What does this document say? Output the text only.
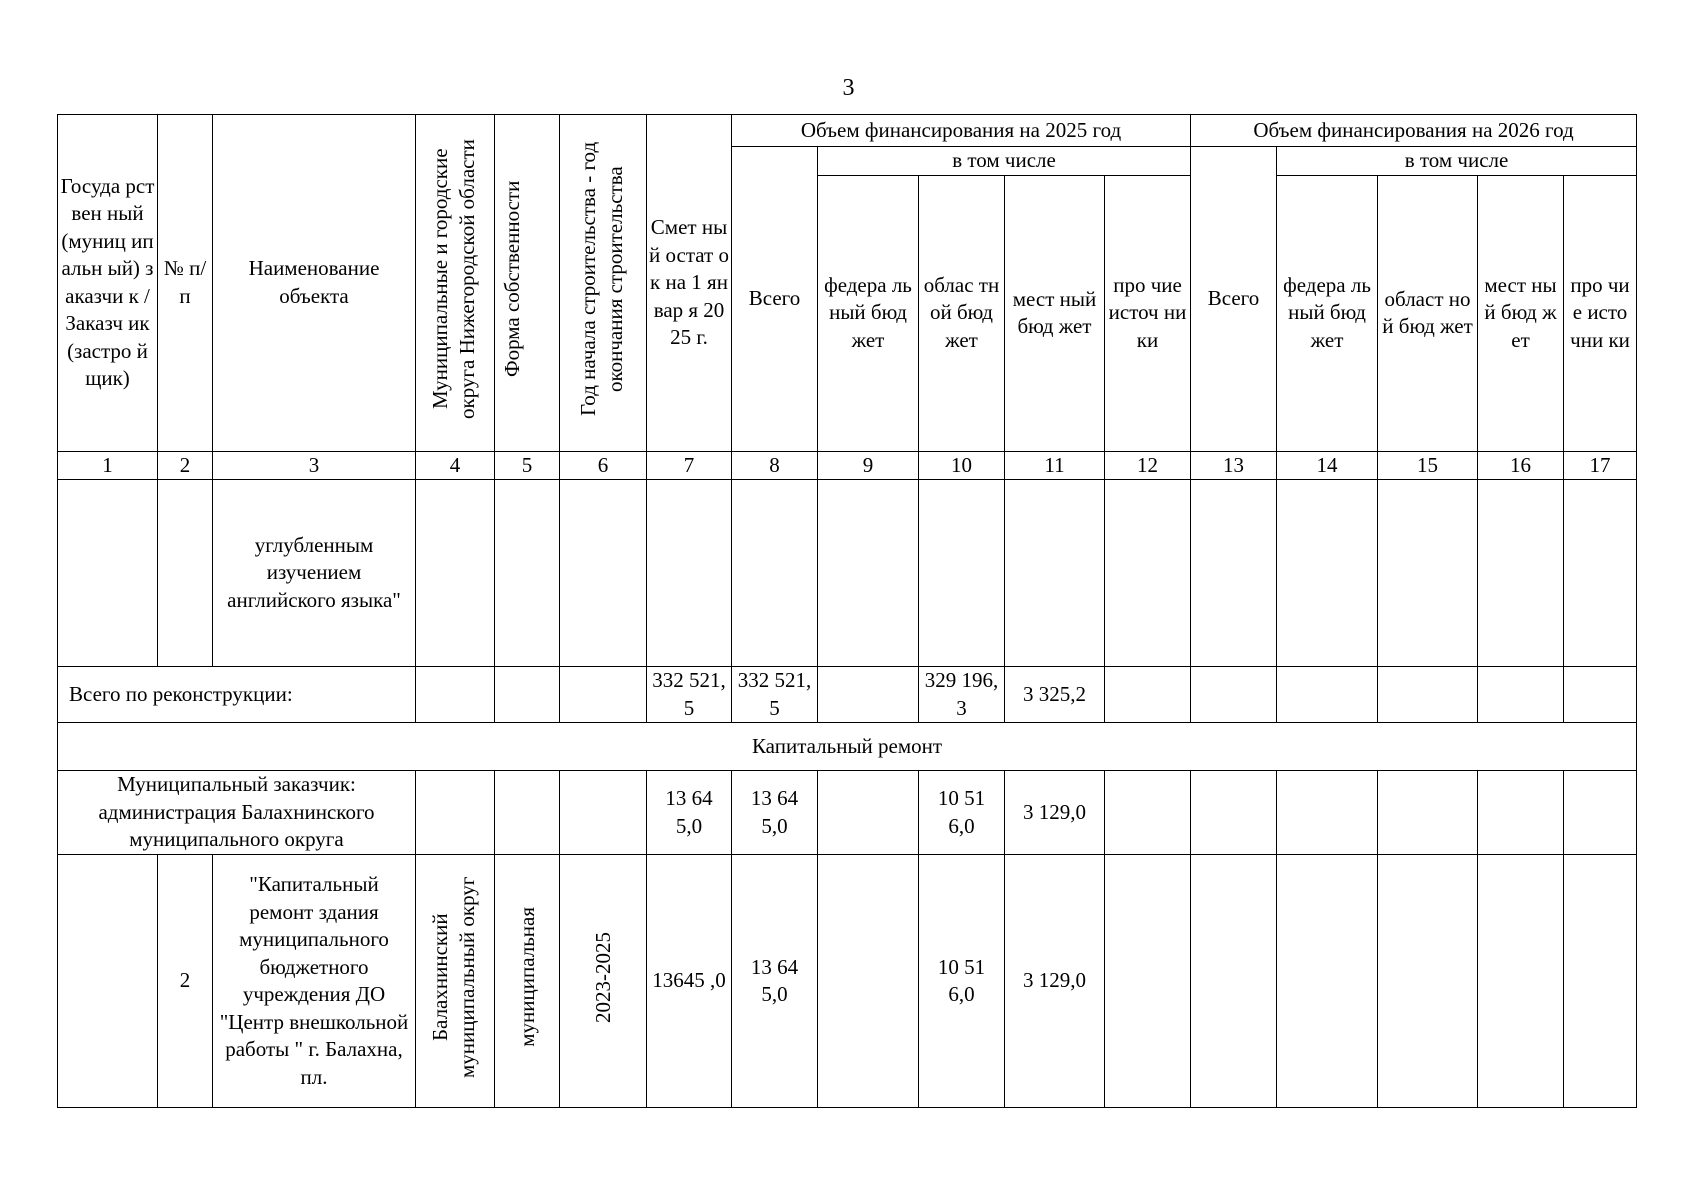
3
Госуда рствен ный (муниц ипальн ый) заказчи к / Заказч ик (застро йщик)	№ п/п	Наименование объекта	Муниципальные и городские округа Нижегородской области	Форма собственности	Год начала строительства - год окончания строительства	Смет ный остат ок на 1 январ я 2025 г.	Объем финансирования на 2025 год					Объем финансирования на 2026 год				
							Всего	в том числе				Всего	в том числе			
								федера льный бюд жет	облас тной бюд жет	мест ный бюд жет	про чие источ ники		федера льный бюд жет	област ной бюд жет	мест ный бюд жет	про чие исто чни ки
1	2	3	4	5	6	7	8	9	10	11	12	13	14	15	16	17
		углубленным изучением английского языка"														
Всего по реконструкции:						332 521,5	332 521,5		329 196,3	3 325,2						
Капитальный ремонт																
Муниципальный заказчик: администрация Балахнинского муниципального округа						13 645,0	13 645,0		10 516,0	3 129,0						
	2	"Капитальный ремонт здания муниципального бюджетного учреждения ДО "Центр внешкольной работы " г. Балахна, пл.	Балахнинский муниципальный округ	муниципальная	2023-2025	13645 ,0	13 645,0		10 516,0	3 129,0						
